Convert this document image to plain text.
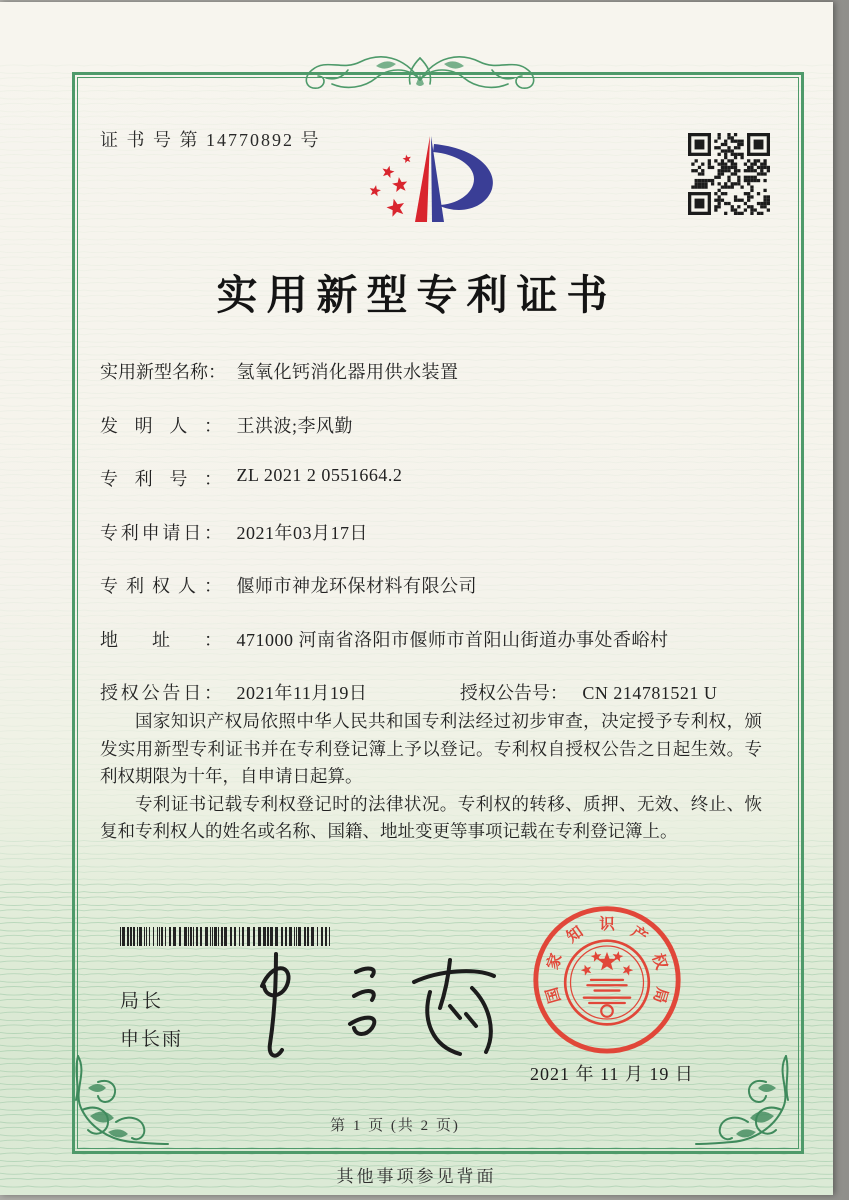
证 书 号 第 14770892 号
实用新型专利证书
实用新型名称： 氢氧化钙消化器用供水装置
发明人： 王洪波;李风勤
专利号： ZL 2021 2 0551664.2
专利申请日： 2021年03月17日
专利权人： 偃师市神龙环保材料有限公司
地址： 471000 河南省洛阳市偃师市首阳山街道办事处香峪村
授权公告日： 2021年11月19日	授权公告号： CN 214781521 U

国家知识产权局依照中华人民共和国专利法经过初步审查，决定授予专利权，颁发实用新型专利证书并在专利登记簿上予以登记。专利权自授权公告之日起生效。专利权期限为十年，自申请日起算。

专利证书记载专利权登记时的法律状况。专利权的转移、质押、无效、终止、恢复和专利权人的姓名或名称、国籍、地址变更等事项记载在专利登记簿上。

局长
申长雨
国
家
知 识 产
权
局
2021 年 11 月 19 日
第 1 页 (共 2 页)
其他事项参见背面
